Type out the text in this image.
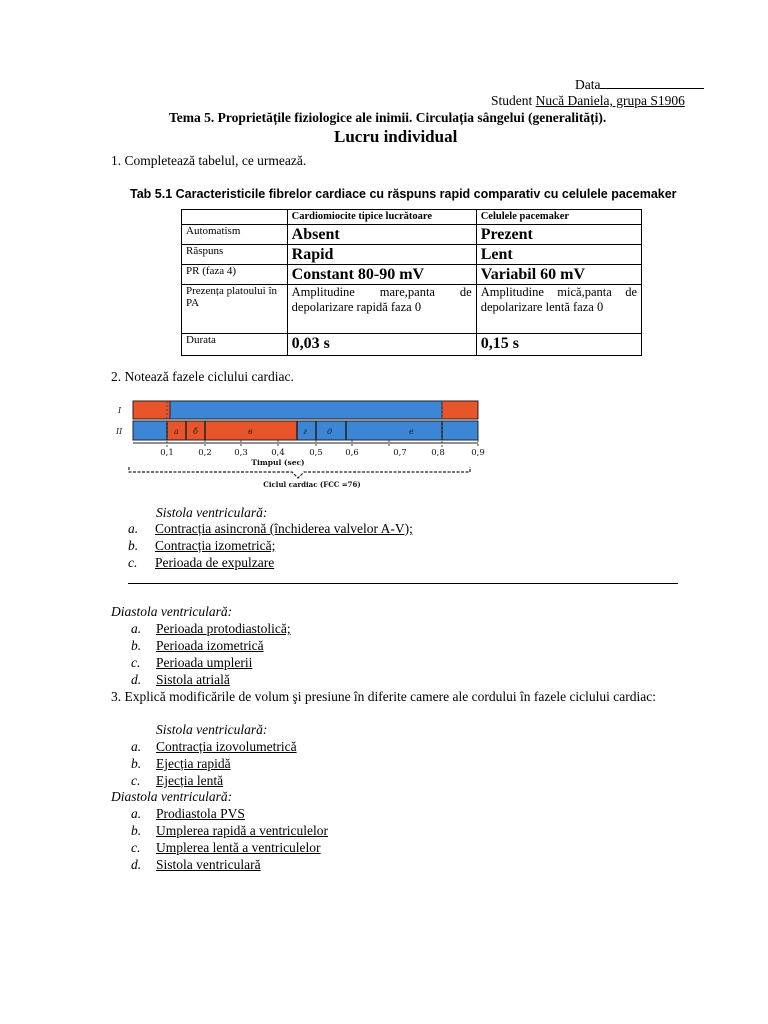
Data
Student Nucă Daniela, grupa S1906
Tema 5. Proprietățile fiziologice ale inimii. Circulația sângelui (generalități).
Lucru individual
1. Completează tabelul, ce urmează.
Tab 5.1 Caracteristicile fibrelor cardiace cu răspuns rapid comparativ cu celulele pacemaker
	Cardiomiocite tipice lucrătoare	Celulele pacemaker
Automatism	Absent	Prezent
Răspuns	Rapid	Lent
PR (faza 4)	Constant 80-90 mV	Variabil 60 mV
Prezența platoului în PA	Amplitudine mare,panta de depolarizare rapidă faza 0	Amplitudine mică,panta de depolarizare lentă faza 0
Durata	0,03 s	0,15 s
2. Notează fazele ciclului cardiac.
I
II	a б	в	г д	е
0,1	0,2	0,3	0,4	0,5	0,6	0,7	0,8	0,9
Timpul (sec)
Ciclul cardiac (FCC =76)
Sistola ventriculară:
a. Contracția asincronă (închiderea valvelor A-V);
b. Contracția izometrică;
c. Perioada de expulzare
Diastola ventriculară:
a. Perioada protodiastolică;
b. Perioada izometrică
c. Perioada umplerii
d. Sistola atrială
3. Explică modificările de volum şi presiune în diferite camere ale cordului în fazele ciclului cardiac:
Sistola ventriculară:
a. Contracția izovolumetrică
b. Ejecția rapidă
c. Ejecția lentă
Diastola ventriculară:
a. Prodiastola PVS
b. Umplerea rapidă a ventriculelor
c. Umplerea lentă a ventriculelor
d. Sistola ventriculară
